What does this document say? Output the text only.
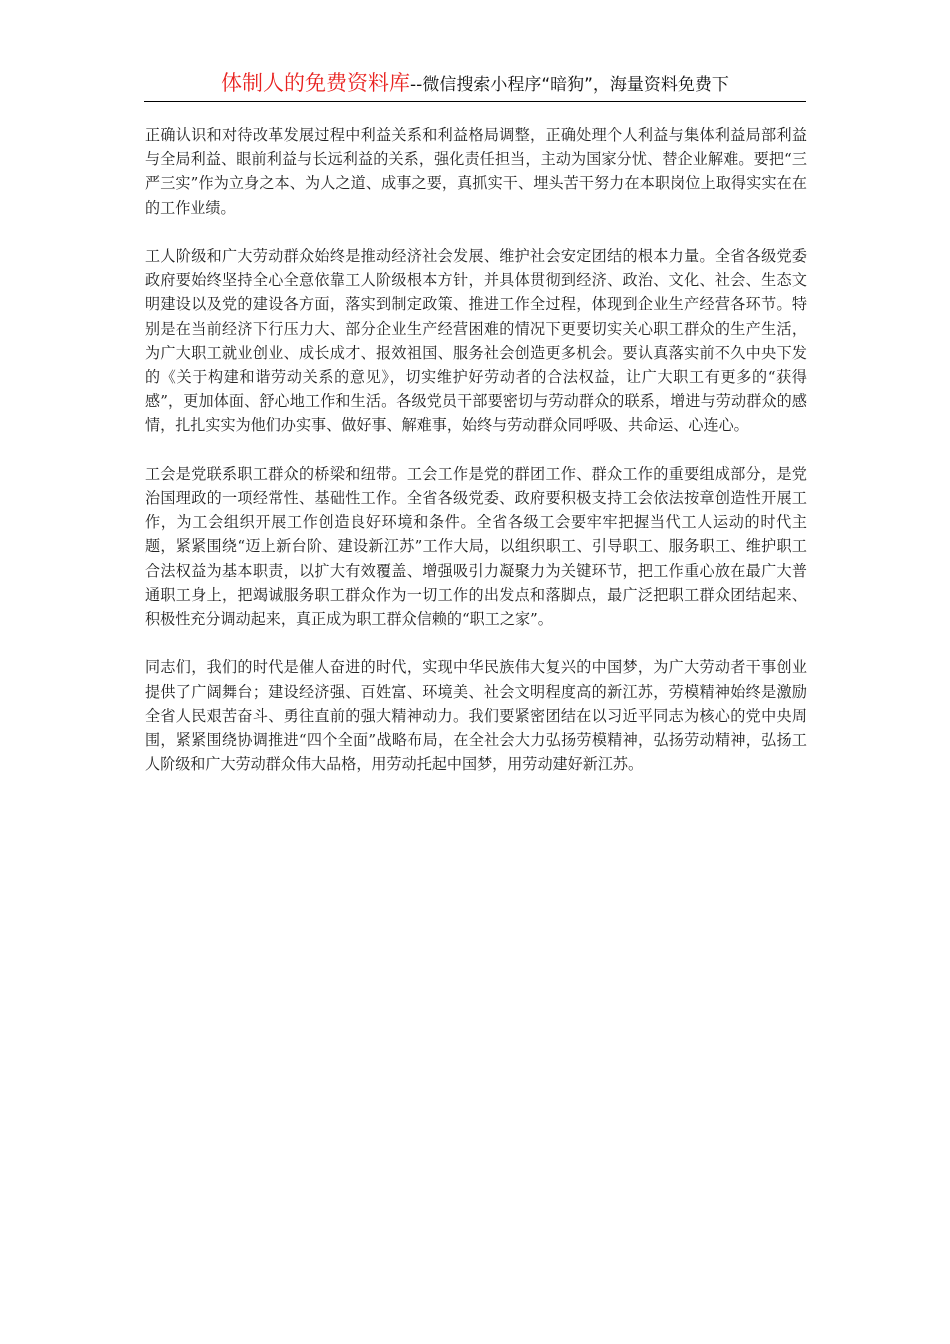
体制人的免费资料库--微信搜索小程序“暗狗”，海量资料免费下

正确认识和对待改革发展过程中利益关系和利益格局调整，正确处理个人利益与集体利益局部利益与全局利益、眼前利益与长远利益的关系，强化责任担当，主动为国家分忧、替企业解难。要把“三严三实”作为立身之本、为人之道、成事之要，真抓实干、埋头苦干努力在本职岗位上取得实实在在的工作业绩。

工人阶级和广大劳动群众始终是推动经济社会发展、维护社会安定团结的根本力量。全省各级党委政府要始终坚持全心全意依靠工人阶级根本方针，并具体贯彻到经济、政治、文化、社会、生态文明建设以及党的建设各方面，落实到制定政策、推进工作全过程，体现到企业生产经营各环节。特别是在当前经济下行压力大、部分企业生产经营困难的情况下更要切实关心职工群众的生产生活，为广大职工就业创业、成长成才、报效祖国、服务社会创造更多机会。要认真落实前不久中央下发的《关于构建和谐劳动关系的意见》，切实维护好劳动者的合法权益，让广大职工有更多的“获得感”，更加体面、舒心地工作和生活。各级党员干部要密切与劳动群众的联系，增进与劳动群众的感情，扎扎实实为他们办实事、做好事、解难事，始终与劳动群众同呼吸、共命运、心连心。

工会是党联系职工群众的桥梁和纽带。工会工作是党的群团工作、群众工作的重要组成部分，是党治国理政的一项经常性、基础性工作。全省各级党委、政府要积极支持工会依法按章创造性开展工作，为工会组织开展工作创造良好环境和条件。全省各级工会要牢牢把握当代工人运动的时代主题，紧紧围绕“迈上新台阶、建设新江苏”工作大局，以组织职工、引导职工、服务职工、维护职工合法权益为基本职责，以扩大有效覆盖、增强吸引力凝聚力为关键环节，把工作重心放在最广大普通职工身上，把竭诚服务职工群众作为一切工作的出发点和落脚点，最广泛把职工群众团结起来、积极性充分调动起来，真正成为职工群众信赖的“职工之家”。

同志们，我们的时代是催人奋进的时代，实现中华民族伟大复兴的中国梦，为广大劳动者干事创业提供了广阔舞台；建设经济强、百姓富、环境美、社会文明程度高的新江苏，劳模精神始终是激励全省人民艰苦奋斗、勇往直前的强大精神动力。我们要紧密团结在以习近平同志为核心的党中央周围，紧紧围绕协调推进“四个全面”战略布局，在全社会大力弘扬劳模精神，弘扬劳动精神，弘扬工人阶级和广大劳动群众伟大品格，用劳动托起中国梦，用劳动建好新江苏。
